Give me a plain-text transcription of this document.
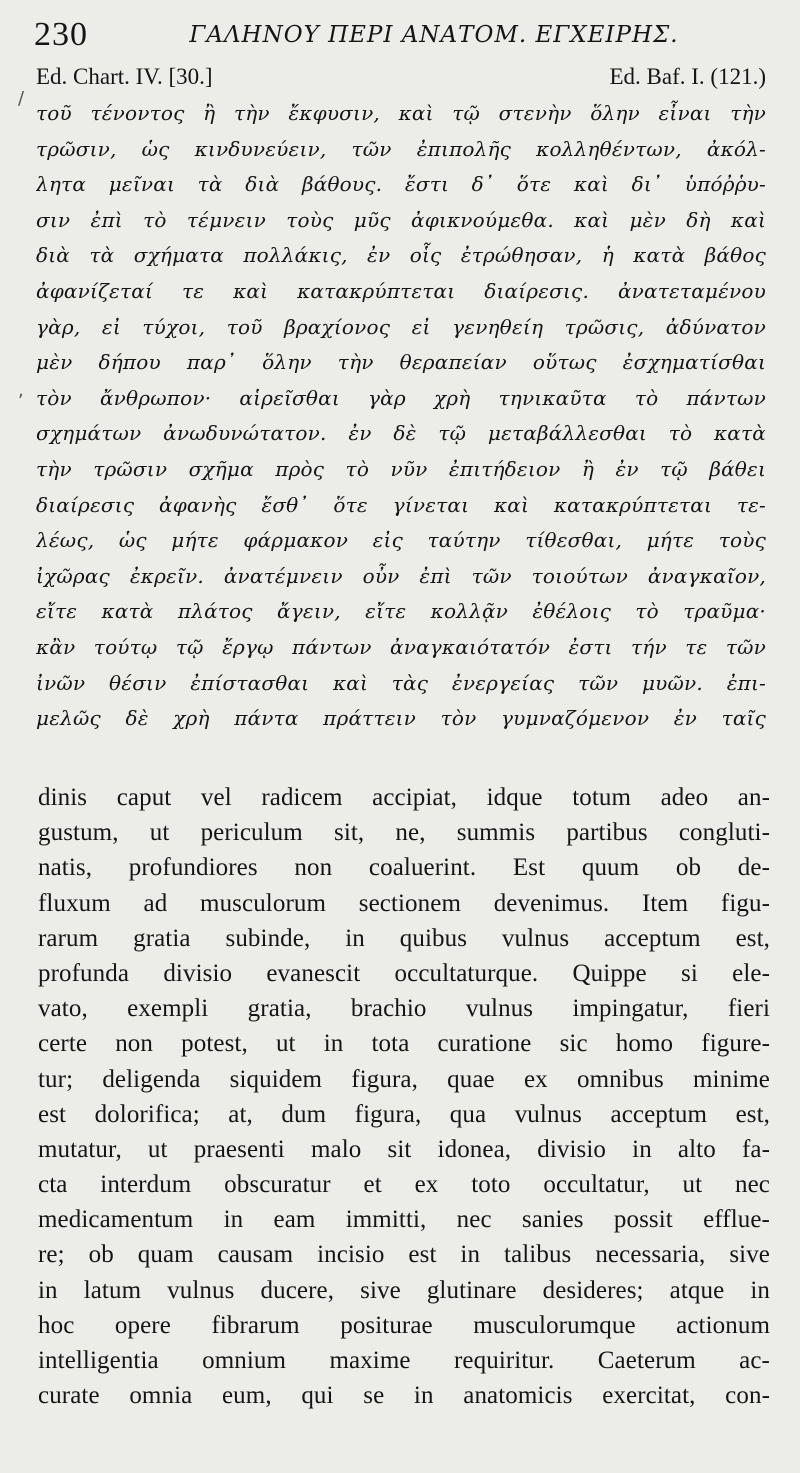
230	ΓΑΛΗΝΟΥ ΠΕΡΙ ΑΝΑΤΟΜ. ΕΓΧΕΙΡΗΣ.
Ed. Chart. IV. [30.]	Ed. Baf. I. (121.)
τοῦ τένοντος ἢ τὴν ἔκφυσιν, καὶ τῷ στενὴν ὅλην εἶναι τὴν
τρῶσιν, ὡς κινδυνεύειν, τῶν ἐπιπολῆς κολληθέντων, ἀκόλ-
λητα μεῖναι τὰ διὰ βάθους. ἔστι δ᾽ ὅτε καὶ δι᾽ ὑπόῤῥυ-
σιν ἐπὶ τὸ τέμνειν τοὺς μῦς ἀφικνούμεθα. καὶ μὲν δὴ καὶ
διὰ τὰ σχήματα πολλάκις, ἐν οἷς ἐτρώθησαν, ἡ κατὰ βάθος
ἀφανίζεταί τε καὶ κατακρύπτεται διαίρεσις. ἀνατεταμένου
γὰρ, εἰ τύχοι, τοῦ βραχίονος εἰ γενηθείη τρῶσις, ἀδύνατον
μὲν δήπου παρ᾽ ὅλην τὴν θεραπείαν οὕτως ἐσχηματίσθαι
τὸν ἄνθρωπον· αἱρεῖσθαι γὰρ χρὴ τηνικαῦτα τὸ πάντων
σχημάτων ἀνωδυνώτατον. ἐν δὲ τῷ μεταβάλλεσθαι τὸ κατὰ
τὴν τρῶσιν σχῆμα πρὸς τὸ νῦν ἐπιτήδειον ἢ ἐν τῷ βάθει
διαίρεσις ἀφανὴς ἔσθ᾽ ὅτε γίνεται καὶ κατακρύπτεται τε-
λέως, ὡς μήτε φάρμακον εἰς ταύτην τίθεσθαι, μήτε τοὺς
ἰχῶρας ἐκρεῖν. ἀνατέμνειν οὖν ἐπὶ τῶν τοιούτων ἀναγκαῖον,
εἴτε κατὰ πλάτος ἄγειν, εἴτε κολλᾷν ἐθέλοις τὸ τραῦμα·
κἂν τούτῳ τῷ ἔργῳ πάντων ἀναγκαιότατόν ἐστι τήν τε τῶν
ἰνῶν θέσιν ἐπίστασθαι καὶ τὰς ἐνεργείας τῶν μυῶν. ἐπι-
μελῶς δὲ χρὴ πάντα πράττειν τὸν γυμναζόμενον ἐν ταῖς
dinis caput vel radicem accipiat, idque totum adeo an-
gustum, ut periculum sit, ne, summis partibus congluti-
natis, profundiores non coaluerint. Est quum ob de-
fluxum ad musculorum sectionem devenimus. Item figu-
rarum gratia subinde, in quibus vulnus acceptum est,
profunda divisio evanescit occultaturque. Quippe si ele-
vato, exempli gratia, brachio vulnus impingatur, fieri
certe non potest, ut in tota curatione sic homo figure-
tur; deligenda siquidem figura, quae ex omnibus minime
est dolorifica; at, dum figura, qua vulnus acceptum est,
mutatur, ut praesenti malo sit idonea, divisio in alto fa-
cta interdum obscuratur et ex toto occultatur, ut nec
medicamentum in eam immitti, nec sanies possit efflue-
re; ob quam causam incisio est in talibus necessaria, sive
in latum vulnus ducere, sive glutinare desideres; atque in
hoc opere fibrarum positurae musculorumque actionum
intelligentia omnium maxime requiritur. Caeterum ac-
curate omnia eum, qui se in anatomicis exercitat, con-
/
,
